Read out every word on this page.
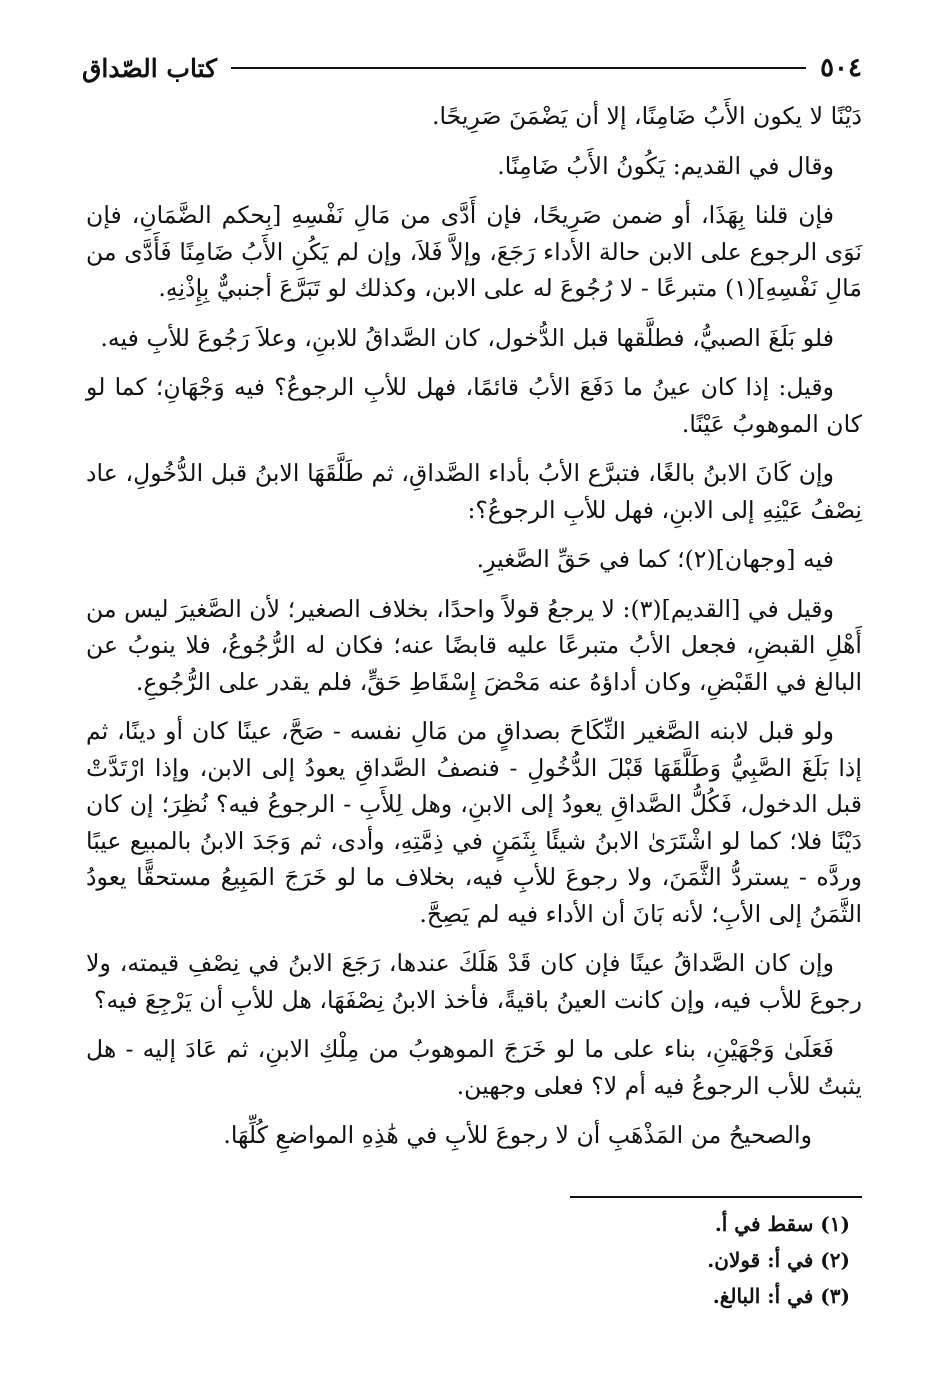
٥٠٤
كتاب الصّداق

دَيْنًا لا يكون الأَبُ ضَامِنًا، إلا أن يَضْمَنَ صَرِيحًا.

وقال في القديم: يَكُونُ الأَبُ ضَامِنًا.

فإن قلنا بِهَذَا، أو ضمن صَرِيحًا، فإن أَدَّى من مَالِ نَفْسِهِ [بِحكم الضَّمَانِ، فإن نَوَى الرجوع على الابن حالة الأداء رَجَعَ، وإلاَّ فَلاَ، وإن لم يَكُنِ الأَبُ ضَامِنًا فَأَدَّى من مَالِ نَفْسِهِ](١) متبرعًا - لا رُجُوعَ له على الابن، وكذلك لو تَبَرَّعَ أجنبيٌّ بِإِذْنِهِ.

فلو بَلَغَ الصبيُّ، فطلَّقها قبل الدُّخول، كان الصَّداقُ للابنِ، وعلاَ رَجُوعَ للأبِ فيه.

وقيل: إذا كان عينُ ما دَفَعَ الأبُ قائمًا، فهل للأبِ الرجوعُ؟ فيه وَجْهَانِ؛ كما لو كان الموهوبُ عَيْنًا.

وإن كَانَ الابنُ بالغًا، فتبرَّع الأبُ بأداء الصَّداقِ، ثم طَلَّقَهَا الابنُ قبل الدُّخُولِ، عاد نِصْفُ عَيْنِهِ إلى الابنِ، فهل للأبِ الرجوعُ؟:

فيه [وجهان](٢)؛ كما في حَقِّ الصَّغيرِ.

وقيل في [القديم](٣): لا يرجعُ قولاً واحدًا، بخلاف الصغير؛ لأن الصَّغيرَ ليس من أَهْلِ القبضِ، فجعل الأبُ متبرعًا عليه قابضًا عنه؛ فكان له الرُّجُوعُ، فلا ينوبُ عن البالغ في القَبْضِ، وكان أداؤهُ عنه مَحْضَ إِسْقَاطِ حَقٍّ، فلم يقدر على الرُّجُوعِ.

ولو قبل لابنه الصَّغير النِّكَاحَ بصداقٍ من مَالِ نفسه - صَحَّ، عينًا كان أو دينًا، ثم إذا بَلَغَ الصَّبِيُّ وَطَلَّقَهَا قَبْلَ الدُّخُولِ - فنصفُ الصَّداقِ يعودُ إلى الابن، وإذا ارْتَدَّتْ قبل الدخول، فَكُلُّ الصَّداقِ يعودُ إلى الابنِ، وهل لِلأَبِ - الرجوعُ فيه؟ نُظِرَ؛ إن كان دَيْنًا فلا؛ كما لو اشْتَرَىٰ الابنُ شيئًا بِثَمَنٍ في ذِمَّتِهِ، وأدى، ثم وَجَدَ الابنُ بالمبيع عيبًا وردَّه - يستردُّ الثَّمَنَ، ولا رجوعَ للأبِ فيه، بخلاف ما لو خَرَجَ المَبِيعُ مستحقًّا يعودُ الثَّمَنُ إلى الأبِ؛ لأنه بَانَ أن الأداء فيه لم يَصِحَّ.

وإن كان الصَّداقُ عينًا فإن كان قَدْ هَلَكَ عندها، رَجَعَ الابنُ في نِصْفِ قيمته، ولا رجوعَ للأب فيه، وإن كانت العينُ باقيةً، فأخذ الابنُ نِصْفَهَا، هل للأبِ أن يَرْجِعَ فيه؟

فَعَلَىٰ وَجْهَيْنِ، بناء على ما لو خَرَجَ الموهوبُ من مِلْكِ الابنِ، ثم عَادَ إليه - هل يثبتُ للأب الرجوعُ فيه أم لا؟ فعلى وجهين.

والصحيحُ من المَذْهَبِ أن لا رجوعَ للأبِ في هَٰذِهِ المواضعِ كُلِّهَا.

(١) سقط في أ.

(٢) في أ: قولان.

(٣) في أ: البالغ.
